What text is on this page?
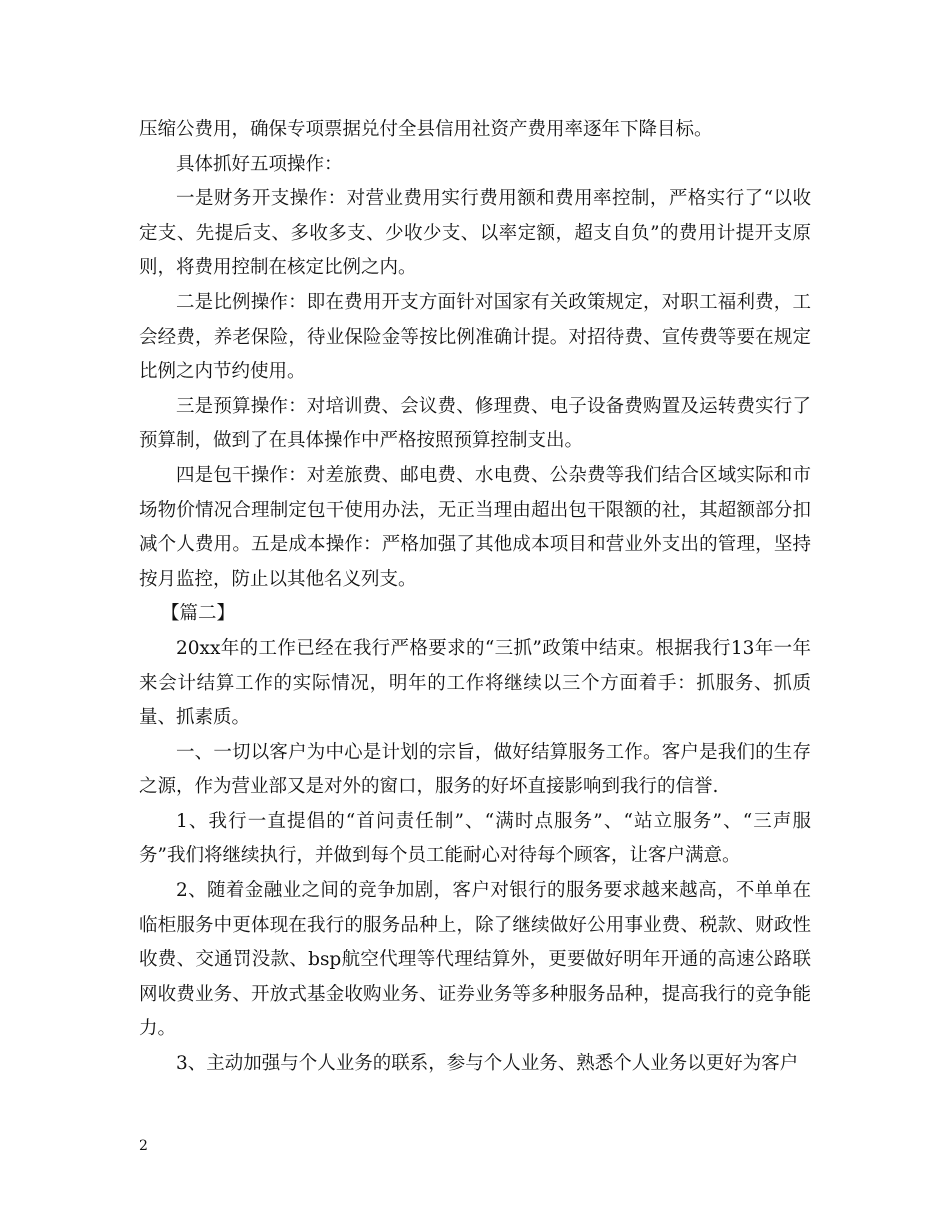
压缩公费用，确保专项票据兑付全县信用社资产费用率逐年下降目标。

具体抓好五项操作：

一是财务开支操作：对营业费用实行费用额和费用率控制，严格实行了“以收定支、先提后支、多收多支、少收少支、以率定额，超支自负”的费用计提开支原则，将费用控制在核定比例之内。

二是比例操作：即在费用开支方面针对国家有关政策规定，对职工福利费，工会经费，养老保险，待业保险金等按比例准确计提。对招待费、宣传费等要在规定比例之内节约使用。

三是预算操作：对培训费、会议费、修理费、电子设备费购置及运转费实行了预算制，做到了在具体操作中严格按照预算控制支出。

四是包干操作：对差旅费、邮电费、水电费、公杂费等我们结合区域实际和市场物价情况合理制定包干使用办法，无正当理由超出包干限额的社，其超额部分扣减个人费用。五是成本操作：严格加强了其他成本项目和营业外支出的管理，坚持按月监控，防止以其他名义列支。

【篇二】

20xx年的工作已经在我行严格要求的“三抓”政策中结束。根据我行13年一年来会计结算工作的实际情况，明年的工作将继续以三个方面着手：抓服务、抓质量、抓素质。

一、一切以客户为中心是计划的宗旨，做好结算服务工作。客户是我们的生存之源，作为营业部又是对外的窗口，服务的好坏直接影响到我行的信誉.

1、我行一直提倡的“首问责任制”、“满时点服务”、“站立服务”、“三声服务”我们将继续执行，并做到每个员工能耐心对待每个顾客，让客户满意。

2、随着金融业之间的竞争加剧，客户对银行的服务要求越来越高，不单单在临柜服务中更体现在我行的服务品种上，除了继续做好公用事业费、税款、财政性收费、交通罚没款、bsp航空代理等代理结算外，更要做好明年开通的高速公路联网收费业务、开放式基金收购业务、证券业务等多种服务品种，提高我行的竞争能力。

3、主动加强与个人业务的联系，参与个人业务、熟悉个人业务以更好为客户

2
